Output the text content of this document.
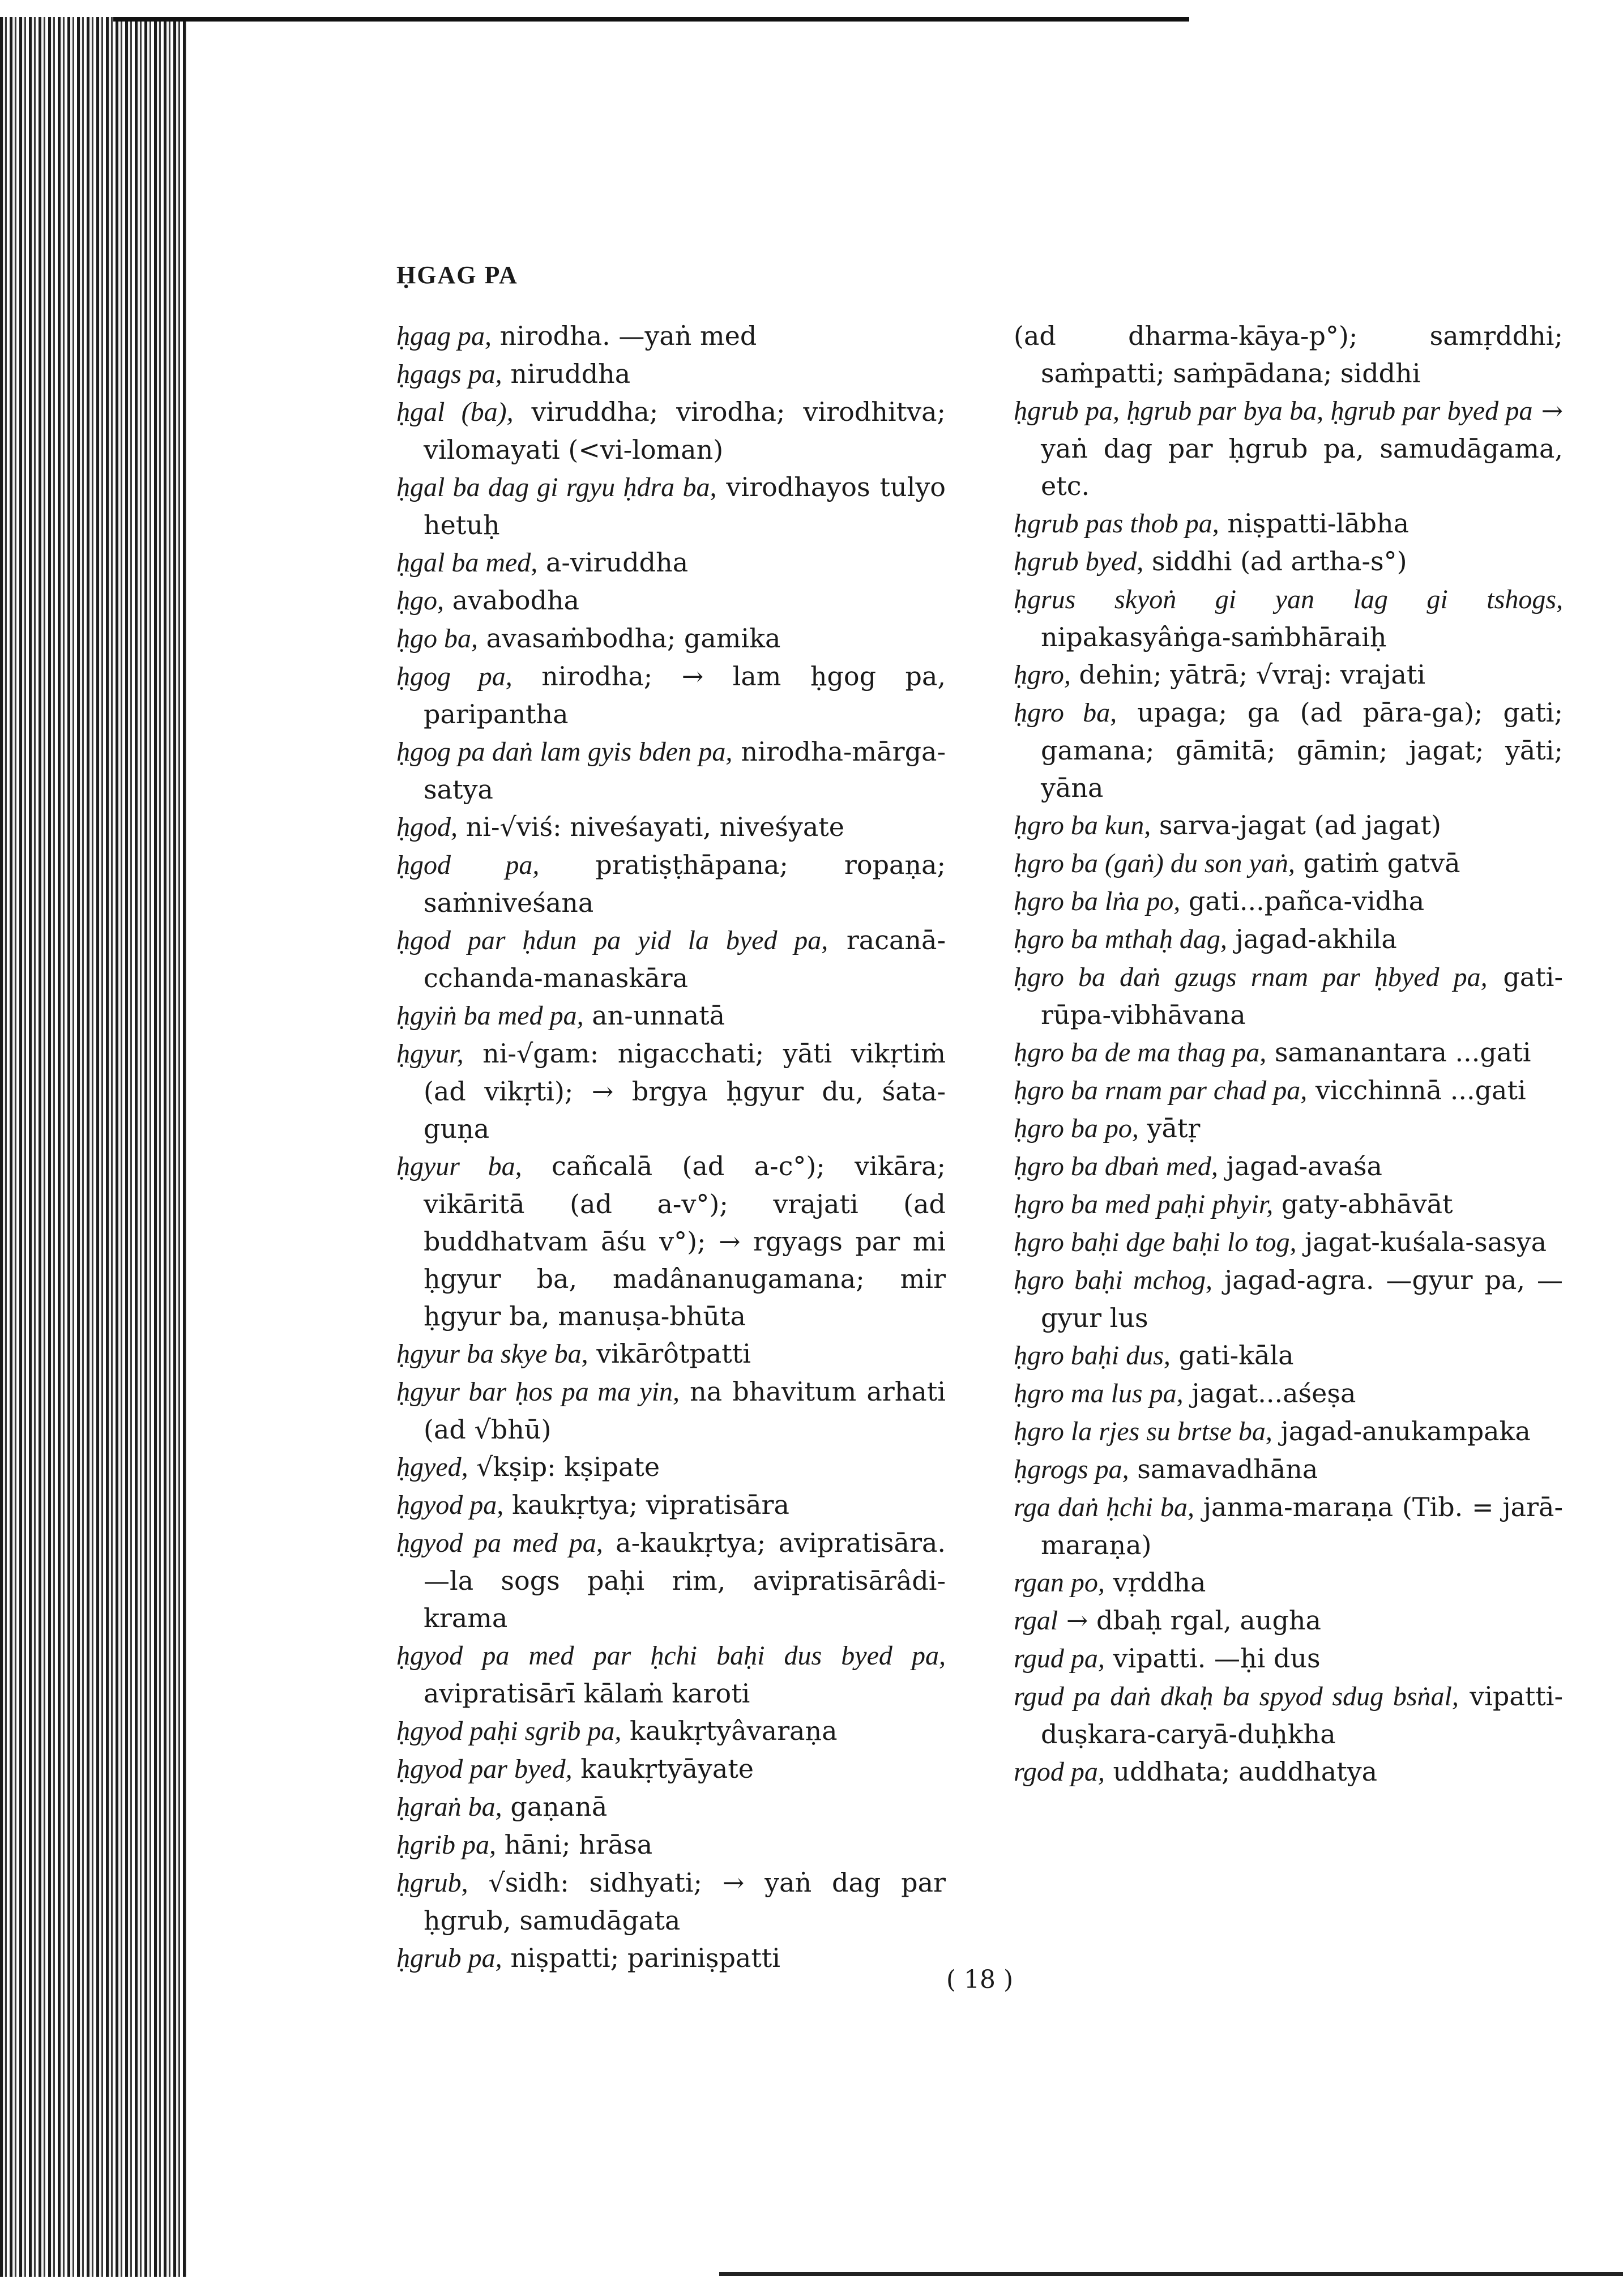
ḤGAG PA
ḥgag pa, nirodha. —yaṅ med
ḥgags pa, niruddha
ḥgal (ba), viruddha; virodha; virodhitva; vilomayati (<vi-loman)
ḥgal ba dag gi rgyu ḥdra ba, virodhayos tulyo hetuḥ
ḥgal ba med, a-viruddha
ḥgo, avabodha
ḥgo ba, avasaṁbodha; gamika
ḥgog pa, nirodha; → lam ḥgog pa, paripantha
ḥgog pa daṅ lam gyis bden pa, nirodha-mārga-satya
ḥgod, ni-√viś: niveśayati, niveśyate
ḥgod pa, pratiṣṭhāpana; ropaṇa; saṁniveśana
ḥgod par ḥdun pa yid la byed pa, racanā-cchanda-manaskāra
ḥgyiṅ ba med pa, an-unnatā
ḥgyur, ni-√gam: nigacchati; yāti vikṛtiṁ (ad vikṛti); → brgya ḥgyur du, śata-guṇa
ḥgyur ba, cañcalā (ad a-c°); vikāra; vikāritā (ad a-v°); vrajati (ad buddhatvam āśu v°); → rgyags par mi ḥgyur ba, madânanugamana; mir ḥgyur ba, manuṣa-bhūta
ḥgyur ba skye ba, vikārôtpatti
ḥgyur bar ḥos pa ma yin, na bhavitum arhati (ad √bhū)
ḥgyed, √kṣip: kṣipate
ḥgyod pa, kaukṛtya; vipratisāra
ḥgyod pa med pa, a-kaukṛtya; avipratisāra. —la sogs paḥi rim, avipratisārâdi-krama
ḥgyod pa med par ḥchi baḥi dus byed pa, avipratisārī kālaṁ karoti
ḥgyod paḥi sgrib pa, kaukṛtyâvaraṇa
ḥgyod par byed, kaukṛtyāyate
ḥgraṅ ba, gaṇanā
ḥgrib pa, hāni; hrāsa
ḥgrub, √sidh: sidhyati; → yaṅ dag par ḥgrub, samudāgata
ḥgrub pa, niṣpatti; pariniṣpatti
(ad dharma-kāya-p°); samṛddhi; saṁpatti; saṁpādana; siddhi
ḥgrub pa, ḥgrub par bya ba, ḥgrub par byed pa → yaṅ dag par ḥgrub pa, samudāgama, etc.
ḥgrub pas thob pa, niṣpatti-lābha
ḥgrub byed, siddhi (ad artha-s°)
ḥgrus skyoṅ gi yan lag gi tshogs, nipakasyâṅga-saṁbhāraiḥ
ḥgro, dehin; yātrā; √vraj: vrajati
ḥgro ba, upaga; ga (ad pāra-ga); gati; gamana; gāmitā; gāmin; jagat; yāti; yāna
ḥgro ba kun, sarva-jagat (ad jagat)
ḥgro ba (gaṅ) du son yaṅ, gatiṁ gatvā
ḥgro ba lṅa po, gati...pañca-vidha
ḥgro ba mthaḥ dag, jagad-akhila
ḥgro ba daṅ gzugs rnam par ḥbyed pa, gati-rūpa-vibhāvana
ḥgro ba de ma thag pa, samanantara ...gati
ḥgro ba rnam par chad pa, vicchinnā ...gati
ḥgro ba po, yātṛ
ḥgro ba dbaṅ med, jagad-avaśa
ḥgro ba med paḥi phyir, gaty-abhāvāt
ḥgro baḥi dge baḥi lo tog, jagat-kuśala-sasya
ḥgro baḥi mchog, jagad-agra. —gyur pa, —gyur lus
ḥgro baḥi dus, gati-kāla
ḥgro ma lus pa, jagat...aśeṣa
ḥgro la rjes su brtse ba, jagad-anukampaka
ḥgrogs pa, samavadhāna
rga daṅ ḥchi ba, janma-maraṇa (Tib. = jarā-maraṇa)
rgan po, vṛddha
rgal → dbaḥ rgal, augha
rgud pa, vipatti. —ḥi dus
rgud pa daṅ dkaḥ ba spyod sdug bsṅal, vipatti-duṣkara-caryā-duḥkha
rgod pa, uddhata; auddhatya
( 18 )
